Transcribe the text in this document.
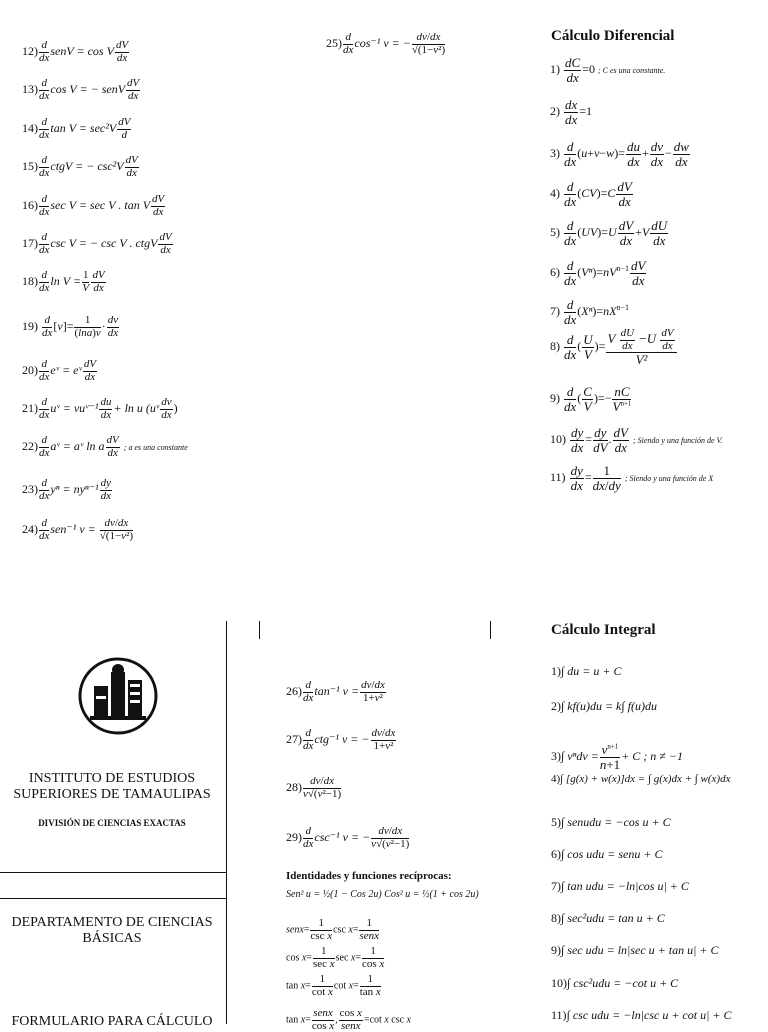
Cálculo Diferencial
$1) \frac{dC}{dx} =0$ ; C es una constante.
$2) \frac{dx}{dx} =1$
$3) \frac{d}{dx} (u+v-w)= \frac{du}{dx} + \frac{dv}{dx} - \frac{dw}{dx}$
$4) \frac{d}{dx} (CV)=C \frac{dV}{dx}$
$5) \frac{d}{dx} (UV)=U \frac{dV}{dx} +V \frac{dU}{dx}$
$6) \frac{d}{dx} (V^n)=nV^{n-1} \frac{dV}{dx}$
$7) \frac{d}{dx} (X^n)=nX^{n-1}$
$8) \frac{d}{dx}$ ( $\frac{U}{V}$ )= $\frac{V \frac{dU}{dx} -U \frac{dV}{dx}}{\text{V²}}$
$9) \frac{d}{dx}$ ( $\frac{C}{V}$ )=− $\frac{nC}{V^{n+1}}$
$10) \frac{dy}{dx} = \frac{dy}{dV}$ . $\frac{dV}{dx}$ ; Siendo y una función de V.
$11) \frac{dy}{dx} = \frac{1}{dx/dy}$ ; Siendo y una función de X
$12) \frac{d}{dx}$ senV = cos V $\frac{dV}{dx}$
$13) \frac{d}{dx}$ cos V = − senV $\frac{dV}{dx}$
$14) \frac{d}{dx}$ $\tan V = \sec^2V \frac{dV}{d}$
$15) \frac{d}{dx}$ ctgV = − $\csc^2V \frac{dV}{dx}$
$16) \frac{d}{dx}$ sec V = sec V . tan V $\frac{dV}{dx}$
$17) \frac{d}{dx}$ csc V = − csc V . ctgV $\frac{dV}{dx}$
$18) \frac{d}{dx}$ $\ln V = \frac{1}{V} \frac{dV}{dx}$
$19) \frac{d}{dx} [v]= \frac{1}{(\ln a)v} \cdot \frac{dv}{dx}$
$20) \frac{d}{dx}$ eᵛ = eᵛ $\frac{dV}{dx}$
$21) \frac{d}{dx}$ uᵛ = vuᵛ⁻¹ $\frac{du}{dx} + \ln u$ (uᵛ $\frac{dv}{dx}$ )
$22) \frac{d}{dx}$ aᵛ = aᵛ ln a $\frac{dV}{dx}$ ; a es una constante
$23) \frac{d}{dx}$ $y^n = ny^{n-1} \frac{dy}{dx}$
$24) \frac{d}{dx} sen^{-1}$ $v = \frac{dv/dx}{\text{√(1−v²)}}$
$25) \frac{d}{dx} \cos^{-1}$ v = − $\frac{dv/dx}{\text{√(1−v²)}}$
INSTITUTO DE ESTUDIOS
SUPERIORES DE TAMAULIPAS
DIVISIÓN DE CIENCIAS EXACTAS
DEPARTAMENTO DE CIENCIAS
BÁSICAS
FORMULARIO PARA CÁLCULO
$26) \frac{d}{dx} \tan^{-1}$ $v = \frac{dv/dx}{\text{1+v²}}$
$27) \frac{d}{dx} ctg^{-1}$ v = − $\frac{dv/dx}{\text{1+v²}}$
$28) \frac{dv/dx}{\text{v√(v²−1)}}$
$29) \frac{d}{dx} \csc^{-1}$ v = − $\frac{dv/dx}{\text{v√(v²−1)}}$
Identidades y funciones recíprocas:
Sen² u = ½(1 − Cos 2u) Cos² u = ½(1 + cos 2u)
senx= $\frac{1}{\text{csc x}}$ $\csc x= \frac{1}{\text{senx}}$
$\cos x= \frac{1}{\text{sec x}}$ $\sec x= \frac{1}{\text{cos x}}$
$\tan x= \frac{1}{\text{cot x}}$ $\cot x= \frac{1}{\text{tan x}}$
$\tan x= \frac{\text{senx}}{\text{cos x}}$ , $\frac{\text{cos x}}{\text{senx}} =\cot$ x csc x
Cálculo Integral
1)∫ du = u + C
2)∫ kf(u)du = k∫ f(u)du
3)∫ $v^ndv = \frac{v^{n+1}}{n+1} + C$ ; n ≠ −1
4)∫ [g(x) + w(x)]dx = ∫ g(x)dx + ∫ w(x)dx
5)∫ senudu = −cos u + C
6)∫ cos udu = senu + C
7)∫ tan udu = −ln|cos u| + C
8)∫ sec²udu = tan u + C
9)∫ sec udu = ln|sec u + tan u| + C
10)∫ csc²udu = −cot u + C
11)∫ csc udu = −ln|csc u + cot u| + C
